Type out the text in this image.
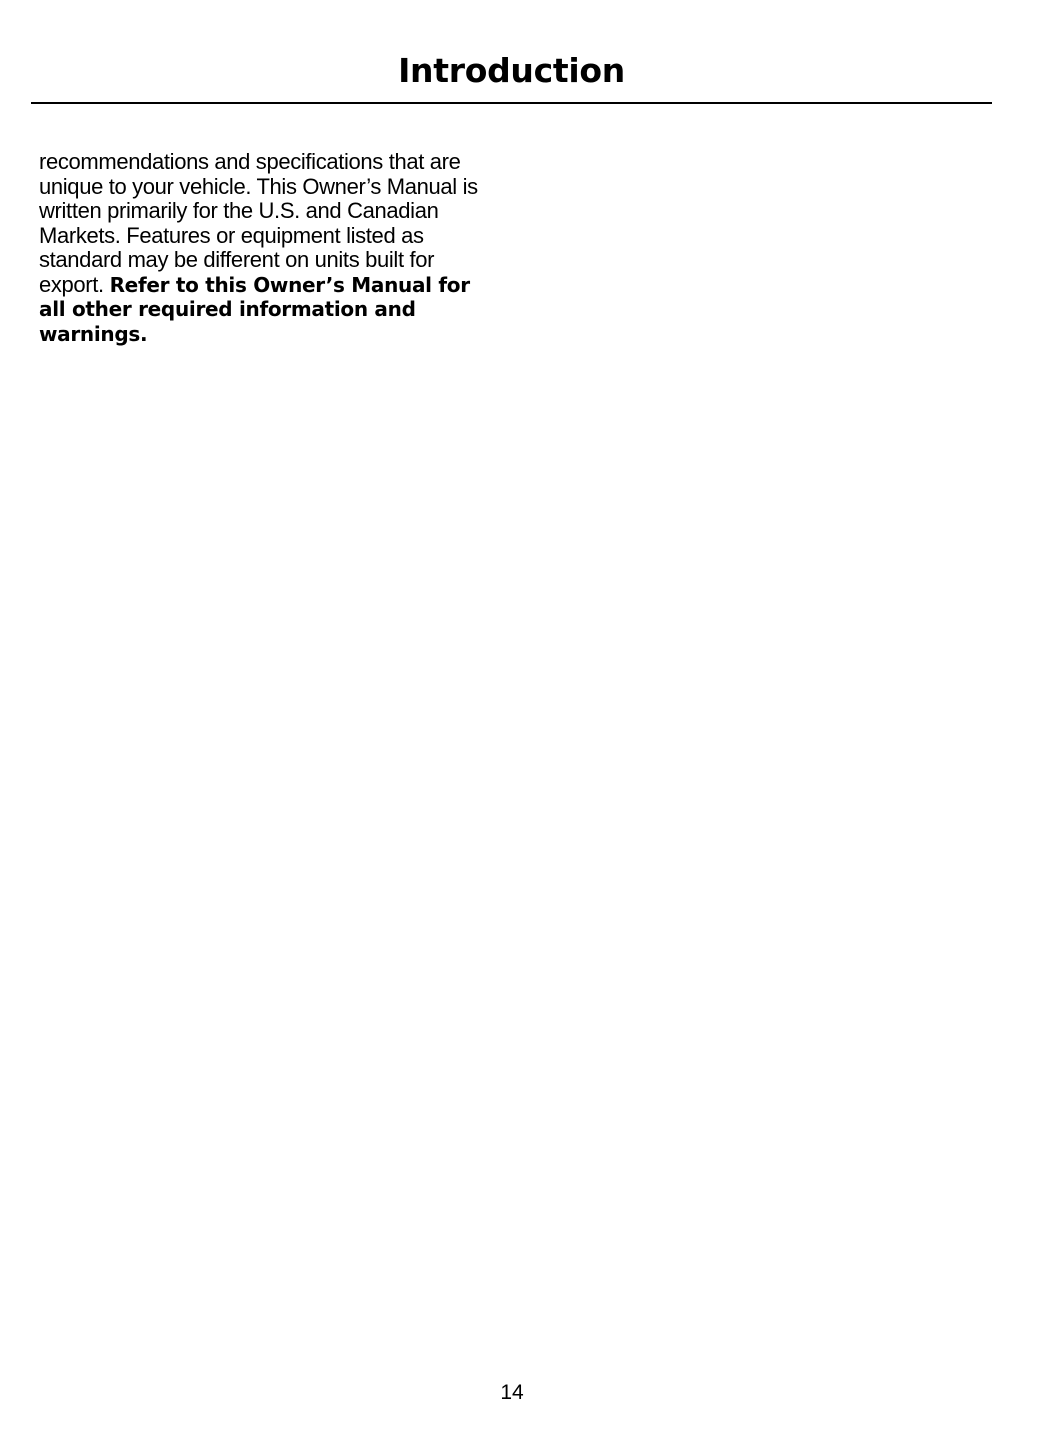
Introduction

recommendations and specifications that are unique to your vehicle. This Owner’s Manual is written primarily for the U.S. and Canadian Markets. Features or equipment listed as standard may be different on units built for export. Refer to this Owner’s Manual for all other required information and warnings.

14
